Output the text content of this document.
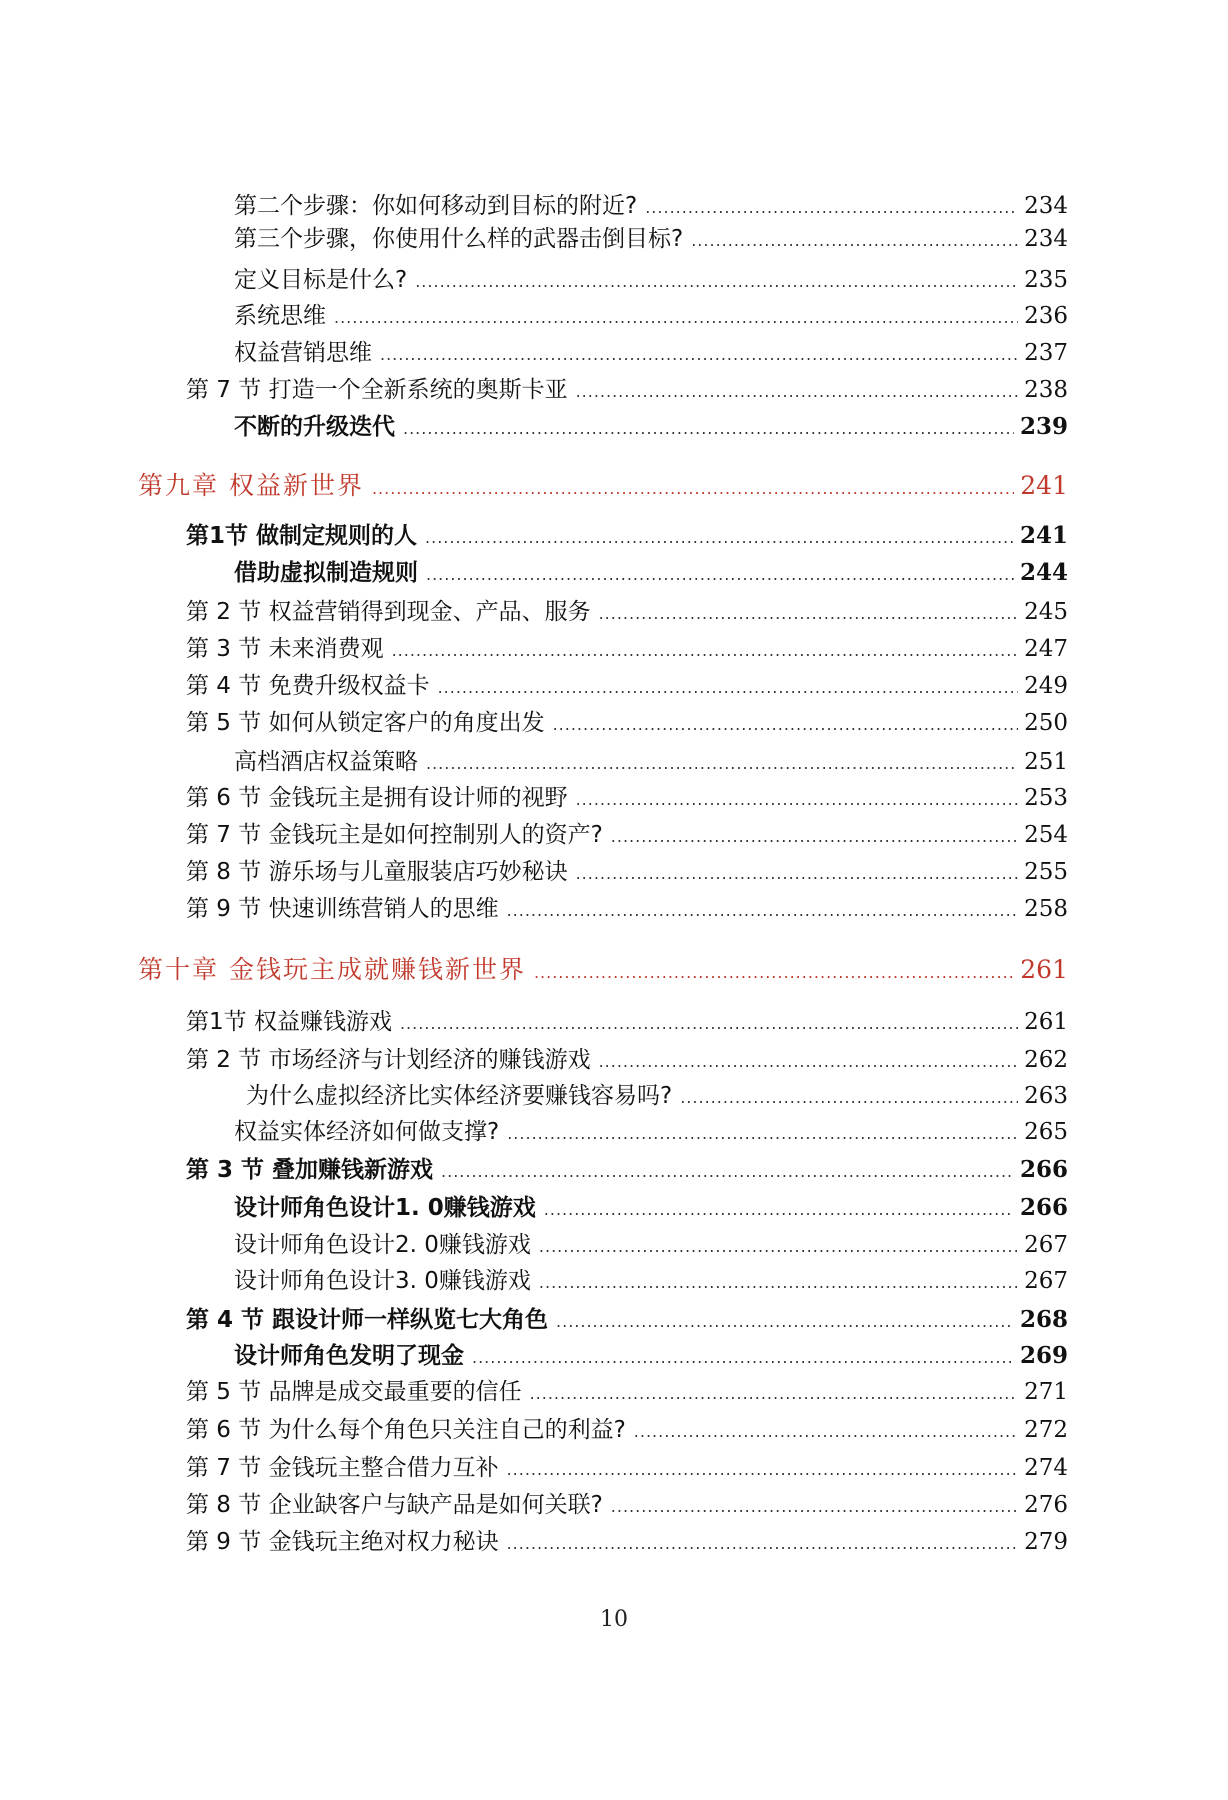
第二个步骤：你如何移动到目标的附近? .....	234
第三个步骤，你使用什么样的武器击倒目标? .....	234
定义目标是什么? .....	235
系统思维 .....	236
权益营销思维 .....	237
第 7 节 打造一个全新系统的奥斯卡亚 .....	238
不断的升级迭代 .....	239
第九章 权益新世界 .....	241
第1节 做制定规则的人 .....	241
借助虚拟制造规则 .....	244
第 2 节 权益营销得到现金、产品、服务 .....	245
第 3 节 未来消费观 .....	247
第 4 节 免费升级权益卡 .....	249
第 5 节 如何从锁定客户的角度出发 .....	250
高档酒店权益策略 .....	251
第 6 节 金钱玩主是拥有设计师的视野 .....	253
第 7 节 金钱玩主是如何控制别人的资产? .....	254
第 8 节 游乐场与儿童服装店巧妙秘诀 .....	255
第 9 节 快速训练营销人的思维 .....	258
第十章 金钱玩主成就赚钱新世界 .....	261
第1节 权益赚钱游戏 .....	261
第 2 节 市场经济与计划经济的赚钱游戏 .....	262
为什么虚拟经济比实体经济要赚钱容易吗? .....	263
权益实体经济如何做支撑? .....	265
第 3 节 叠加赚钱新游戏 .....	266
设计师角色设计1. 0赚钱游戏 .....	266
设计师角色设计2. 0赚钱游戏 .....	267
设计师角色设计3. 0赚钱游戏 .....	267
第 4 节 跟设计师一样纵览七大角色 .....	268
设计师角色发明了现金 .....	269
第 5 节 品牌是成交最重要的信任 .....	271
第 6 节 为什么每个角色只关注自己的利益? .....	272
第 7 节 金钱玩主整合借力互补 .....	274
第 8 节 企业缺客户与缺产品是如何关联? .....	276
第 9 节 金钱玩主绝对权力秘诀 .....	279
10
